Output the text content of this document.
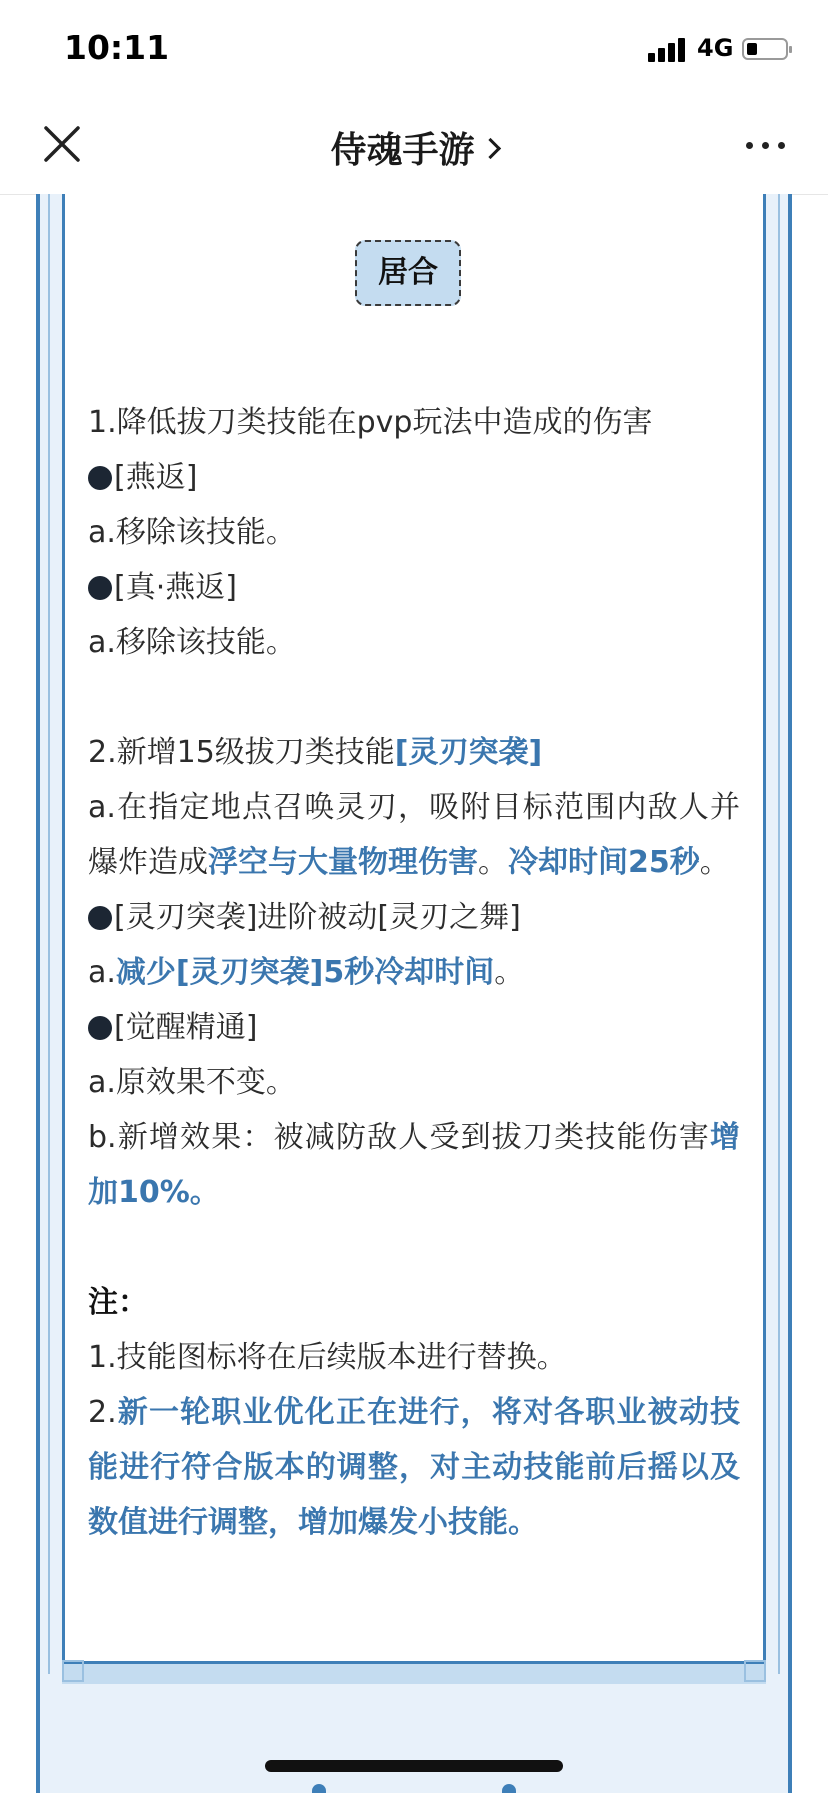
10:11	4G
侍魂手游
居合

1.降低拔刀类技能在pvp玩法中造成的伤害

[燕返]

a.移除该技能。

[真·燕返]

a.移除该技能。

2.新增15级拔刀类技能[灵刃突袭]

a.在指定地点召唤灵刃，吸附目标范围内敌人并爆炸造成浮空与大量物理伤害。冷却时间25秒。

[灵刃突袭]进阶被动[灵刃之舞]

a.减少[灵刃突袭]5秒冷却时间。

[觉醒精通]

a.原效果不变。

b.新增效果：被减防敌人受到拔刀类技能伤害增加10%。

注：

1.技能图标将在后续版本进行替换。

2.新一轮职业优化正在进行，将对各职业被动技能进行符合版本的调整，对主动技能前后摇以及数值进行调整，增加爆发小技能。
